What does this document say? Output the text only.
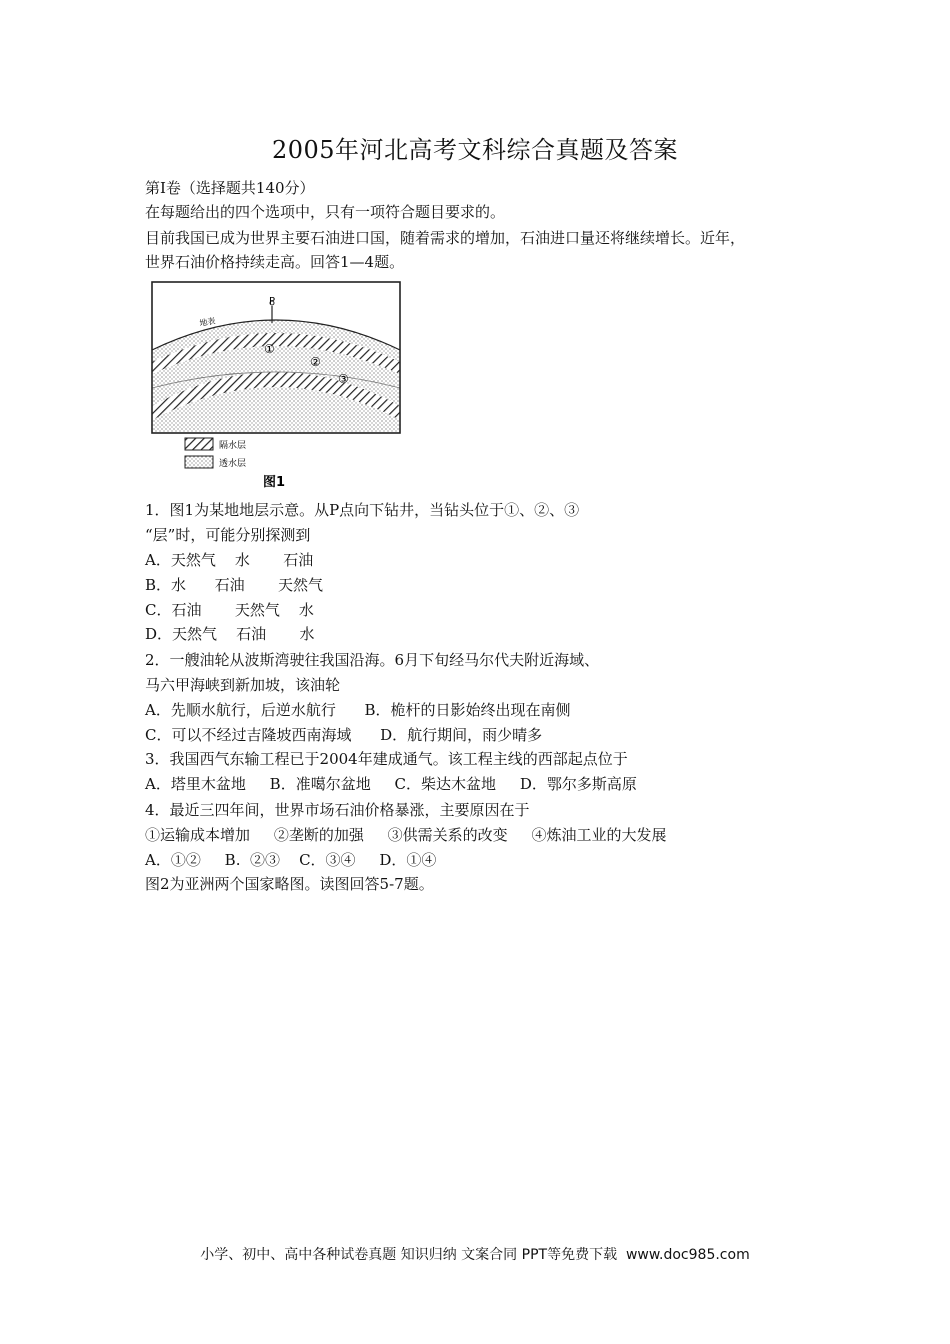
2005年河北高考文科综合真题及答案
第Ⅰ卷（选择题共140分）
在每题给出的四个选项中，只有一项符合题目要求的。
目前我国已成为世界主要石油进口国，随着需求的增加，石油进口量还将继续增长。近年，
世界石油价格持续走高。回答1—4题。
P
地表
①
②
③
隔水层
透水层
图1
1．图1为某地地层示意。从P点向下钻井，当钻头位于①、②、③
“层”时，可能分别探测到
A．天然气    水       石油
B．水      石油       天然气
C．石油       天然气    水
D．天然气    石油       水
2．一艘油轮从波斯湾驶往我国沿海。6月下旬经马尔代夫附近海域、
马六甲海峡到新加坡，该油轮
A．先顺水航行，后逆水航行      B．桅杆的日影始终出现在南侧
C．可以不经过吉隆坡西南海域      D．航行期间，雨少晴多
3．我国西气东输工程已于2004年建成通气。该工程主线的西部起点位于
A．塔里木盆地     B．准噶尔盆地     C．柴达木盆地     D．鄂尔多斯高原
4．最近三四年间，世界市场石油价格暴涨，主要原因在于
①运输成本增加     ②垄断的加强     ③供需关系的改变     ④炼油工业的大发展
A．①②     B.  ②③    C．③④     D．①④
图2为亚洲两个国家略图。读图回答5-7题。
小学、初中、高中各种试卷真题 知识归纳 文案合同 PPT等免费下载  www.doc985.com
